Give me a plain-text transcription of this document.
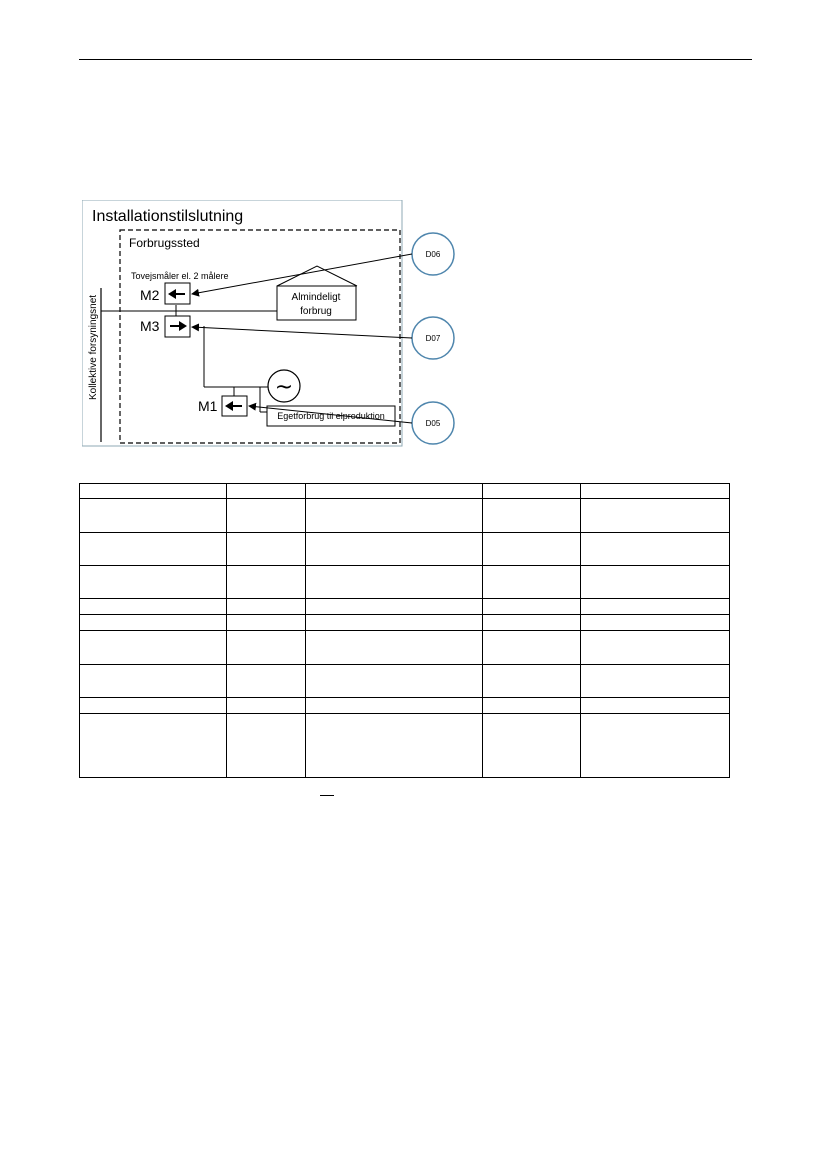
Installationstilslutning
Forbrugssted
Tovejsmåler el. 2 målere
Kollektive forsyningsnet	M2
M3
Almindeligt
forbrug
~
M1
Egetforbrug til elproduktion
D06
D07
D05
